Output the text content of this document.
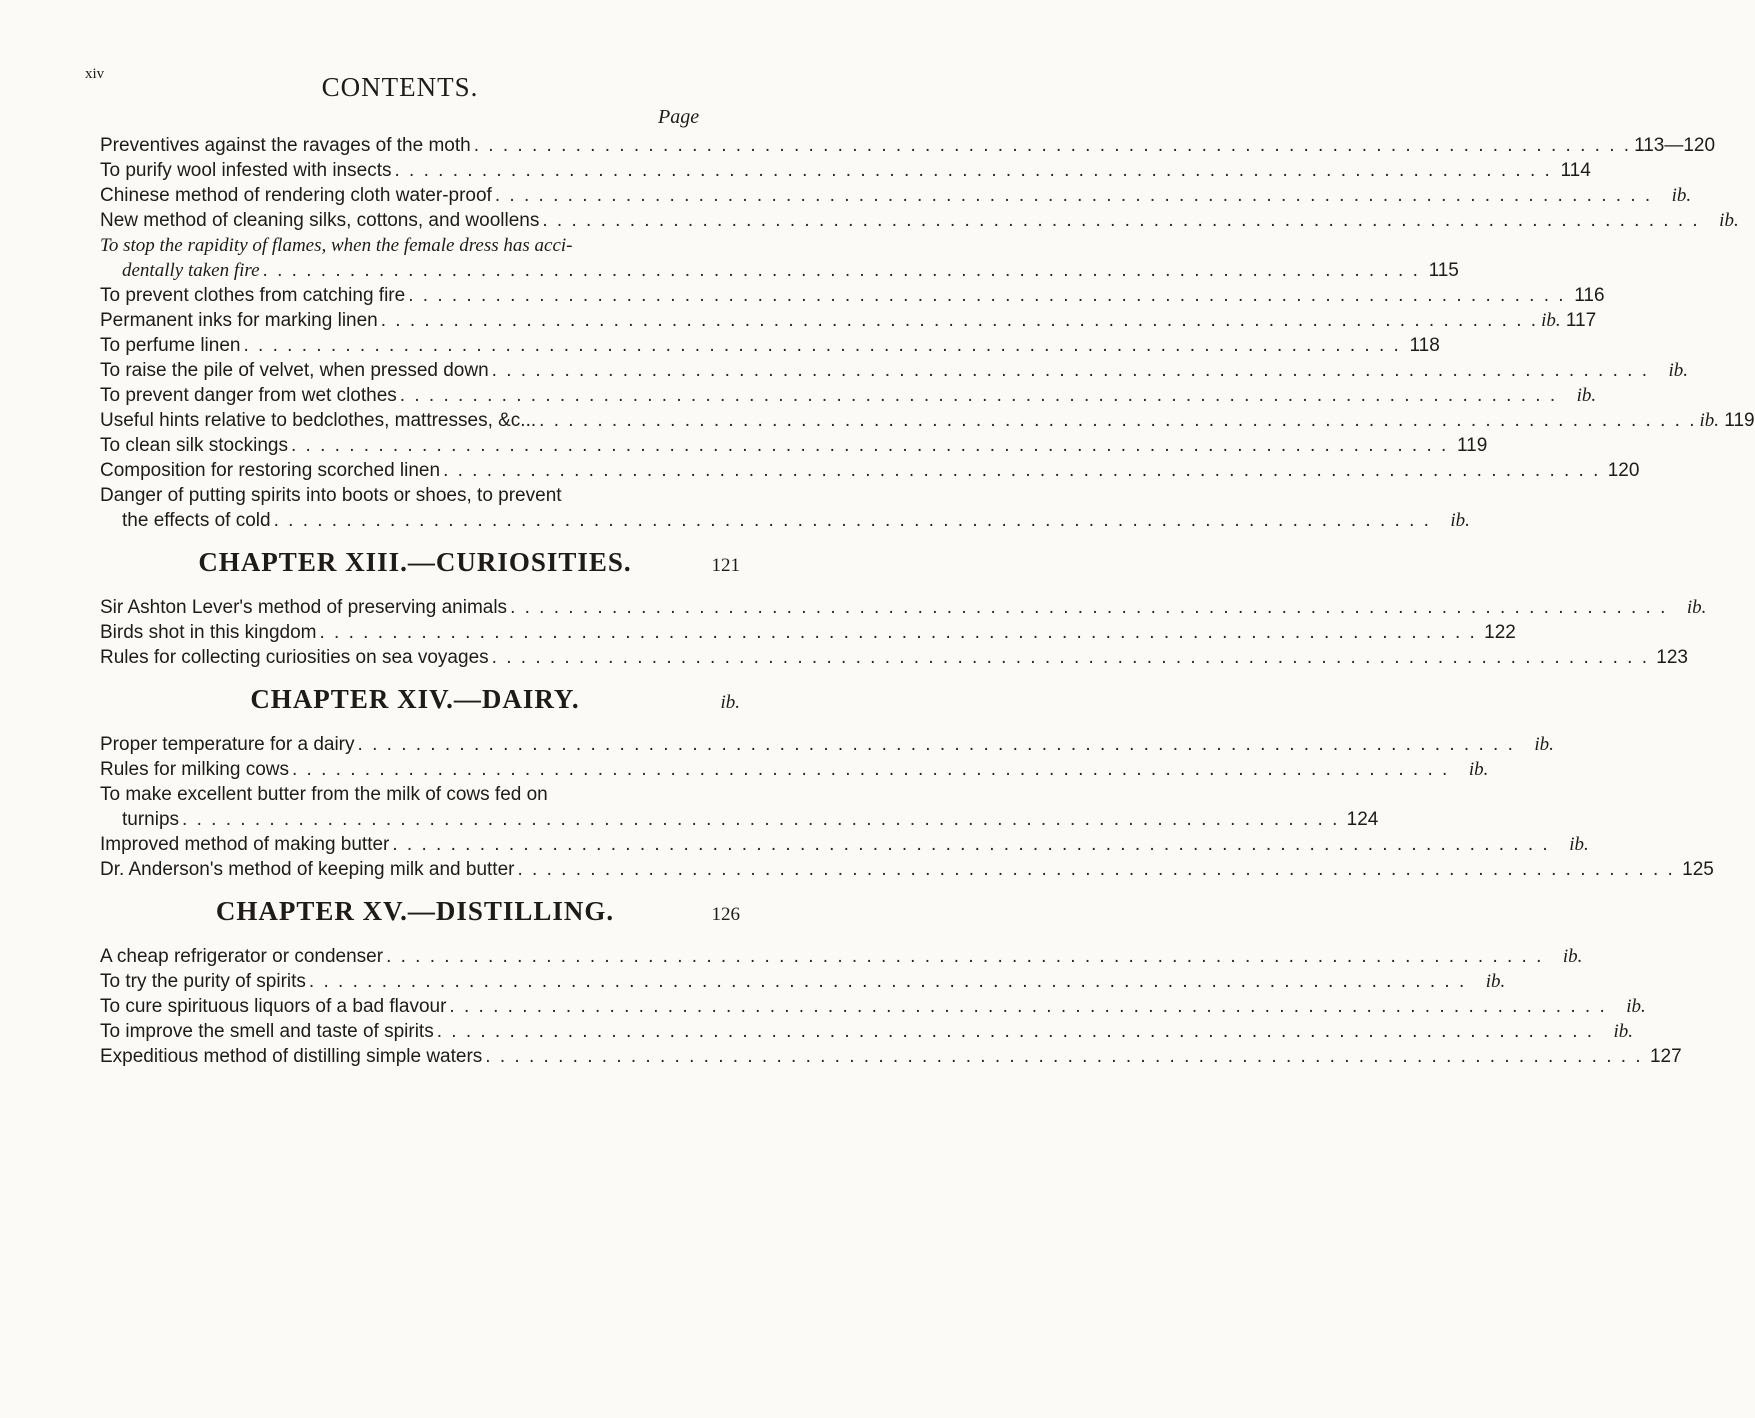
xiv	CONTENTS.
Page
Preventives against the ravages of the moth . . . . . . . . . . . . . . . . . . . . . . . . . . . . . . . . . . . . . . . . . . . . . . . . . . . . . . . . . . . . . . . . . . . . . . . . . . . . . . . . 113—120
To purify wool infested with insects . . . . . . . . . . . . . . . . . . . . . . . . . . . . . . . . . . . . . . . . . . . . . . . . . . . . . . . . . . . . . . . . . . . . . . . . . . . . . . . . 114
Chinese method of rendering cloth water-proof . . . . . . . . . . . . . . . . . . . . . . . . . . . . . . . . . . . . . . . . . . . . . . . . . . . . . . . . . . . . . . . . . . . . . . . . . . . . . . . .	ib.
New method of cleaning silks, cottons, and woollens . . . . . . . . . . . . . . . . . . . . . . . . . . . . . . . . . . . . . . . . . . . . . . . . . . . . . . . . . . . . . . . . . . . . . . . . . . . . . . . .	ib.
To stop the rapidity of flames, when the female dress has acci-
dentally taken fire . . . . . . . . . . . . . . . . . . . . . . . . . . . . . . . . . . . . . . . . . . . . . . . . . . . . . . . . . . . . . . . . . . . . . . . . . . . . . . . . 115
To prevent clothes from catching fire . . . . . . . . . . . . . . . . . . . . . . . . . . . . . . . . . . . . . . . . . . . . . . . . . . . . . . . . . . . . . . . . . . . . . . . . . . . . . . . . 116
Permanent inks for marking linen . . . . . . . . . . . . . . . . . . . . . . . . . . . . . . . . . . . . . . . . . . . . . . . . . . . . . . . . . . . . . . . . . . . . . . . . . . . . . . . . ib. 117
To perfume linen . . . . . . . . . . . . . . . . . . . . . . . . . . . . . . . . . . . . . . . . . . . . . . . . . . . . . . . . . . . . . . . . . . . . . . . . . . . . . . . . 118
To raise the pile of velvet, when pressed down . . . . . . . . . . . . . . . . . . . . . . . . . . . . . . . . . . . . . . . . . . . . . . . . . . . . . . . . . . . . . . . . . . . . . . . . . . . . . . . .	ib.
To prevent danger from wet clothes . . . . . . . . . . . . . . . . . . . . . . . . . . . . . . . . . . . . . . . . . . . . . . . . . . . . . . . . . . . . . . . . . . . . . . . . . . . . . . . .	ib.
Useful hints relative to bedclothes, mattresses, &c... . . . . . . . . . . . . . . . . . . . . . . . . . . . . . . . . . . . . . . . . . . . . . . . . . . . . . . . . . . . . . . . . . . . . . . . . . . . . . . . . ib. 119
To clean silk stockings . . . . . . . . . . . . . . . . . . . . . . . . . . . . . . . . . . . . . . . . . . . . . . . . . . . . . . . . . . . . . . . . . . . . . . . . . . . . . . . . 119
Composition for restoring scorched linen . . . . . . . . . . . . . . . . . . . . . . . . . . . . . . . . . . . . . . . . . . . . . . . . . . . . . . . . . . . . . . . . . . . . . . . . . . . . . . . . 120
Danger of putting spirits into boots or shoes, to prevent
the effects of cold . . . . . . . . . . . . . . . . . . . . . . . . . . . . . . . . . . . . . . . . . . . . . . . . . . . . . . . . . . . . . . . . . . . . . . . . . . . . . . . .	ib.
CHAPTER XIII.—CURIOSITIES.	121
Sir Ashton Lever's method of preserving animals . . . . . . . . . . . . . . . . . . . . . . . . . . . . . . . . . . . . . . . . . . . . . . . . . . . . . . . . . . . . . . . . . . . . . . . . . . . . . . . .	ib.
Birds shot in this kingdom . . . . . . . . . . . . . . . . . . . . . . . . . . . . . . . . . . . . . . . . . . . . . . . . . . . . . . . . . . . . . . . . . . . . . . . . . . . . . . . . 122
Rules for collecting curiosities on sea voyages . . . . . . . . . . . . . . . . . . . . . . . . . . . . . . . . . . . . . . . . . . . . . . . . . . . . . . . . . . . . . . . . . . . . . . . . . . . . . . . . 123
CHAPTER XIV.—DAIRY.	ib.
Proper temperature for a dairy . . . . . . . . . . . . . . . . . . . . . . . . . . . . . . . . . . . . . . . . . . . . . . . . . . . . . . . . . . . . . . . . . . . . . . . . . . . . . . . .	ib.
Rules for milking cows . . . . . . . . . . . . . . . . . . . . . . . . . . . . . . . . . . . . . . . . . . . . . . . . . . . . . . . . . . . . . . . . . . . . . . . . . . . . . . . .	ib.
To make excellent butter from the milk of cows fed on
turnips . . . . . . . . . . . . . . . . . . . . . . . . . . . . . . . . . . . . . . . . . . . . . . . . . . . . . . . . . . . . . . . . . . . . . . . . . . . . . . . . 124
Improved method of making butter . . . . . . . . . . . . . . . . . . . . . . . . . . . . . . . . . . . . . . . . . . . . . . . . . . . . . . . . . . . . . . . . . . . . . . . . . . . . . . . .	ib.
Dr. Anderson's method of keeping milk and butter . . . . . . . . . . . . . . . . . . . . . . . . . . . . . . . . . . . . . . . . . . . . . . . . . . . . . . . . . . . . . . . . . . . . . . . . . . . . . . . . 125
CHAPTER XV.—DISTILLING.	126
A cheap refrigerator or condenser . . . . . . . . . . . . . . . . . . . . . . . . . . . . . . . . . . . . . . . . . . . . . . . . . . . . . . . . . . . . . . . . . . . . . . . . . . . . . . . .	ib.
To try the purity of spirits . . . . . . . . . . . . . . . . . . . . . . . . . . . . . . . . . . . . . . . . . . . . . . . . . . . . . . . . . . . . . . . . . . . . . . . . . . . . . . . .	ib.
To cure spirituous liquors of a bad flavour . . . . . . . . . . . . . . . . . . . . . . . . . . . . . . . . . . . . . . . . . . . . . . . . . . . . . . . . . . . . . . . . . . . . . . . . . . . . . . . .	ib.
To improve the smell and taste of spirits . . . . . . . . . . . . . . . . . . . . . . . . . . . . . . . . . . . . . . . . . . . . . . . . . . . . . . . . . . . . . . . . . . . . . . . . . . . . . . . .	ib.
Expeditious method of distilling simple waters . . . . . . . . . . . . . . . . . . . . . . . . . . . . . . . . . . . . . . . . . . . . . . . . . . . . . . . . . . . . . . . . . . . . . . . . . . . . . . . . 127
